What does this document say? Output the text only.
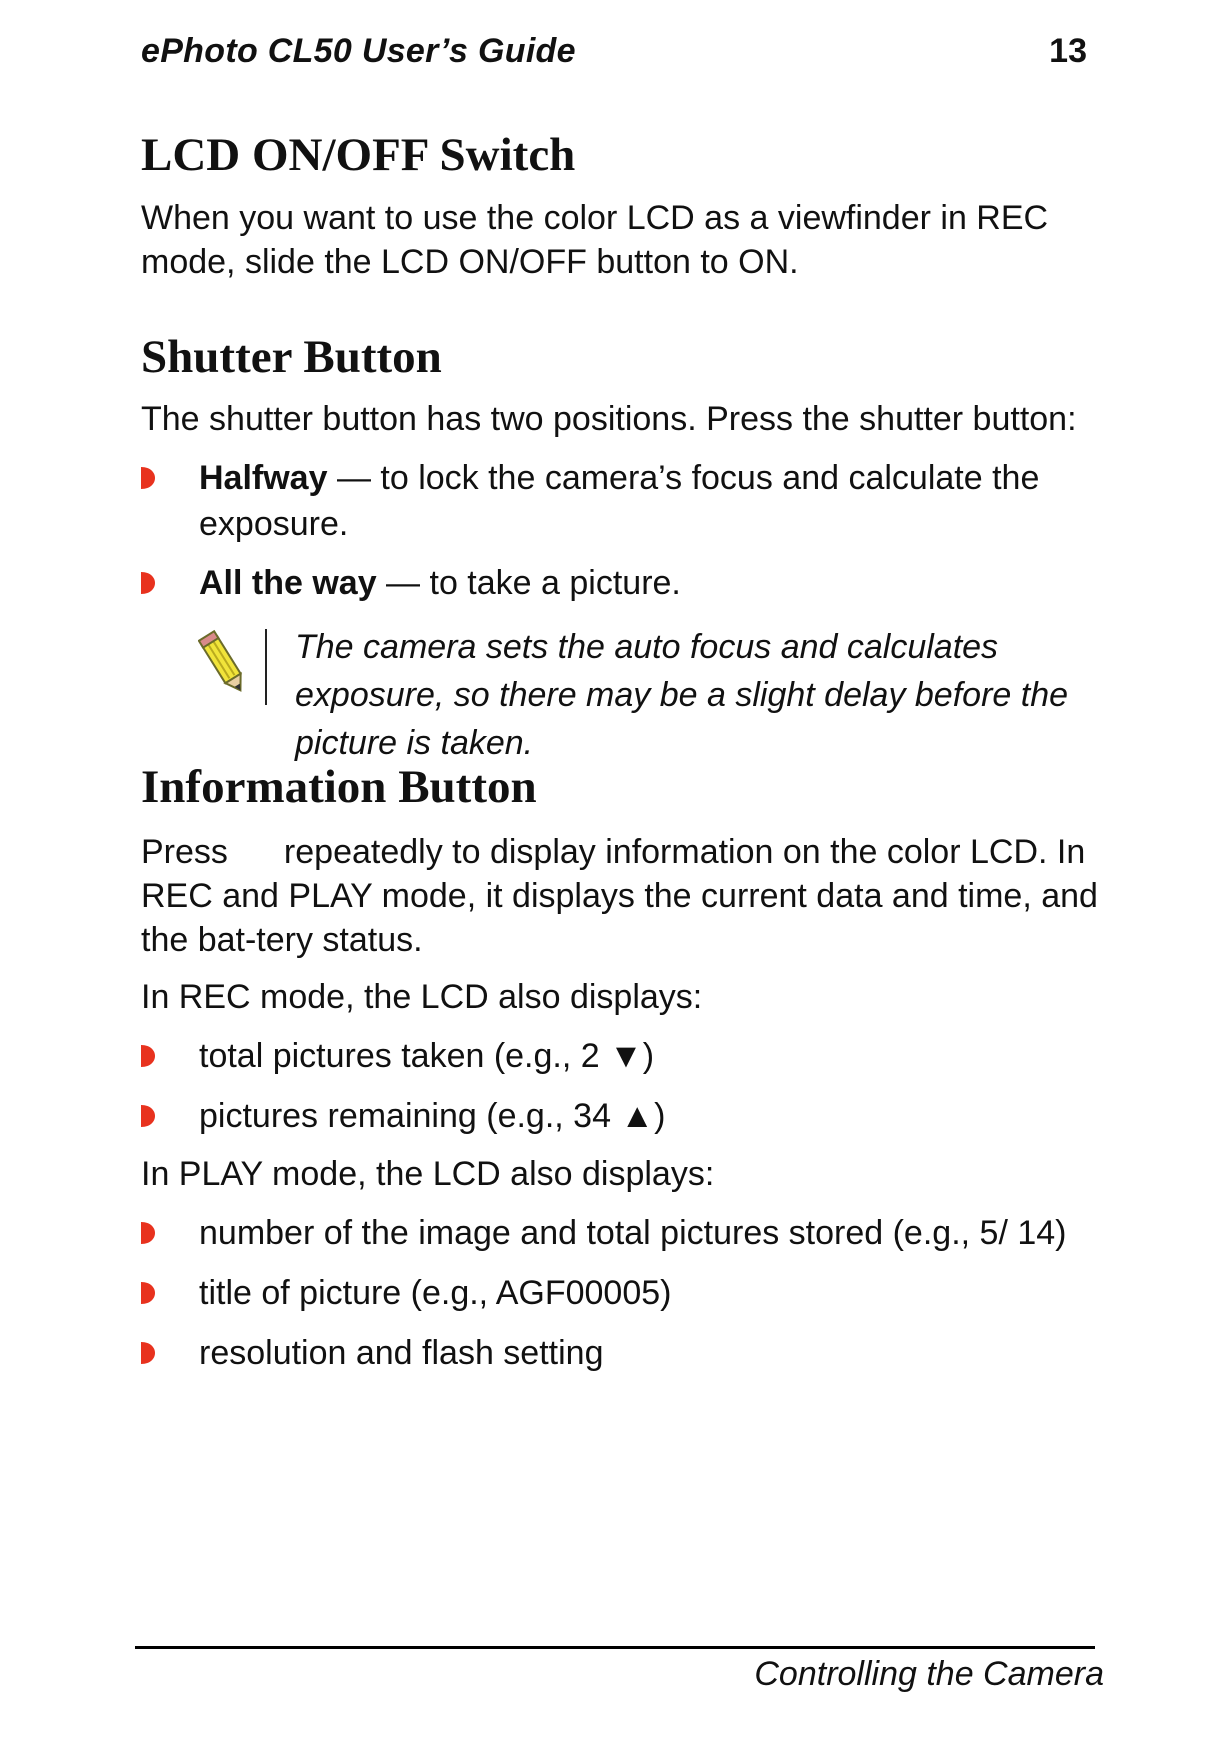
ePhoto CL50 User’s Guide	13
LCD ON/OFF Switch

When you want to use the color LCD as a viewfinder in REC mode, slide the LCD ON/OFF button to ON.

Shutter Button

The shutter button has two positions. Press the shutter button:

Halfway — to lock the camera’s focus and calculate the exposure.
All the way — to take a picture.
The camera sets the auto focus and calculates exposure, so there may be a slight delay before the picture is taken.
Information Button

Press repeatedly to display information on the color LCD. In REC and PLAY mode, it displays the current data and time, and the bat-tery status.

In REC mode, the LCD also displays:

total pictures taken (e.g., 2 ▼)
pictures remaining (e.g., 34 ▲)

In PLAY mode, the LCD also displays:

number of the image and total pictures stored (e.g., 5/ 14)
title of picture (e.g., AGF00005)
resolution and flash setting
Controlling the Camera
